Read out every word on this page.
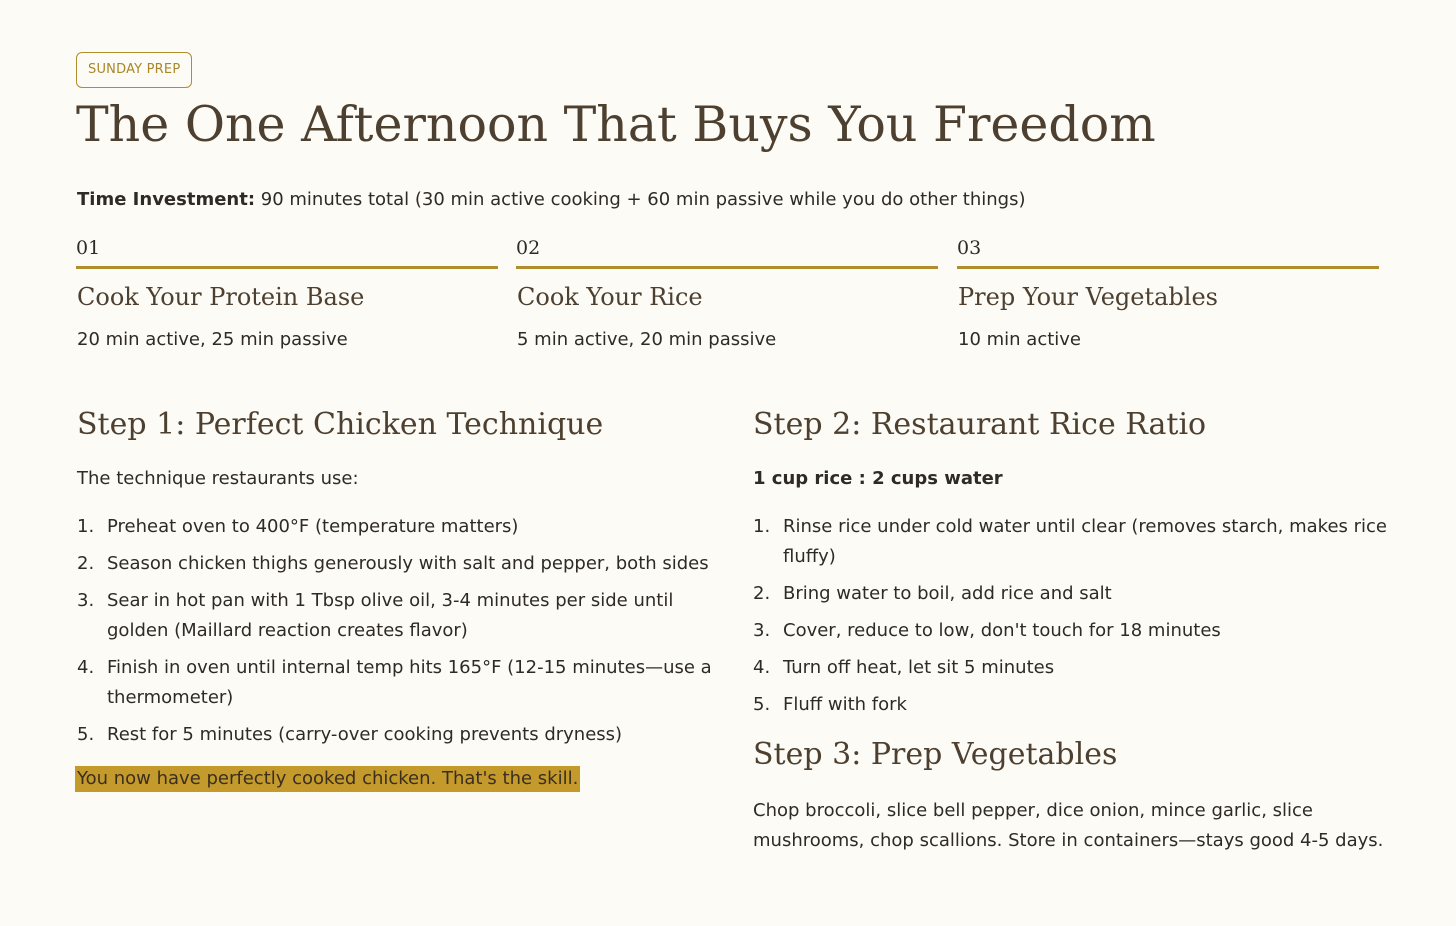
SUNDAY PREP
The One Afternoon That Buys You Freedom

Time Investment: 90 minutes total (30 min active cooking + 60 min passive while you do other things)

01
Cook Your Protein Base
20 min active, 25 min passive
02
Cook Your Rice
5 min active, 20 min passive
03
Prep Your Vegetables
10 min active
Step 1: Perfect Chicken Technique

The technique restaurants use:

1. Preheat oven to 400°F (temperature matters)
2. Season chicken thighs generously with salt and pepper, both sides
3. Sear in hot pan with 1 Tbsp olive oil, 3-4 minutes per side until golden (Maillard reaction creates flavor)
4. Finish in oven until internal temp hits 165°F (12-15 minutes—use a thermometer)
5. Rest for 5 minutes (carry-over cooking prevents dryness)
You now have perfectly cooked chicken. That's the skill.
Step 2: Restaurant Rice Ratio

1 cup rice : 2 cups water

1. Rinse rice under cold water until clear (removes starch, makes rice fluffy)
2. Bring water to boil, add rice and salt
3. Cover, reduce to low, don't touch for 18 minutes
4. Turn off heat, let sit 5 minutes
5. Fluff with fork
Step 3: Prep Vegetables

Chop broccoli, slice bell pepper, dice onion, mince garlic, slice mushrooms, chop scallions. Store in containers—stays good 4-5 days.
